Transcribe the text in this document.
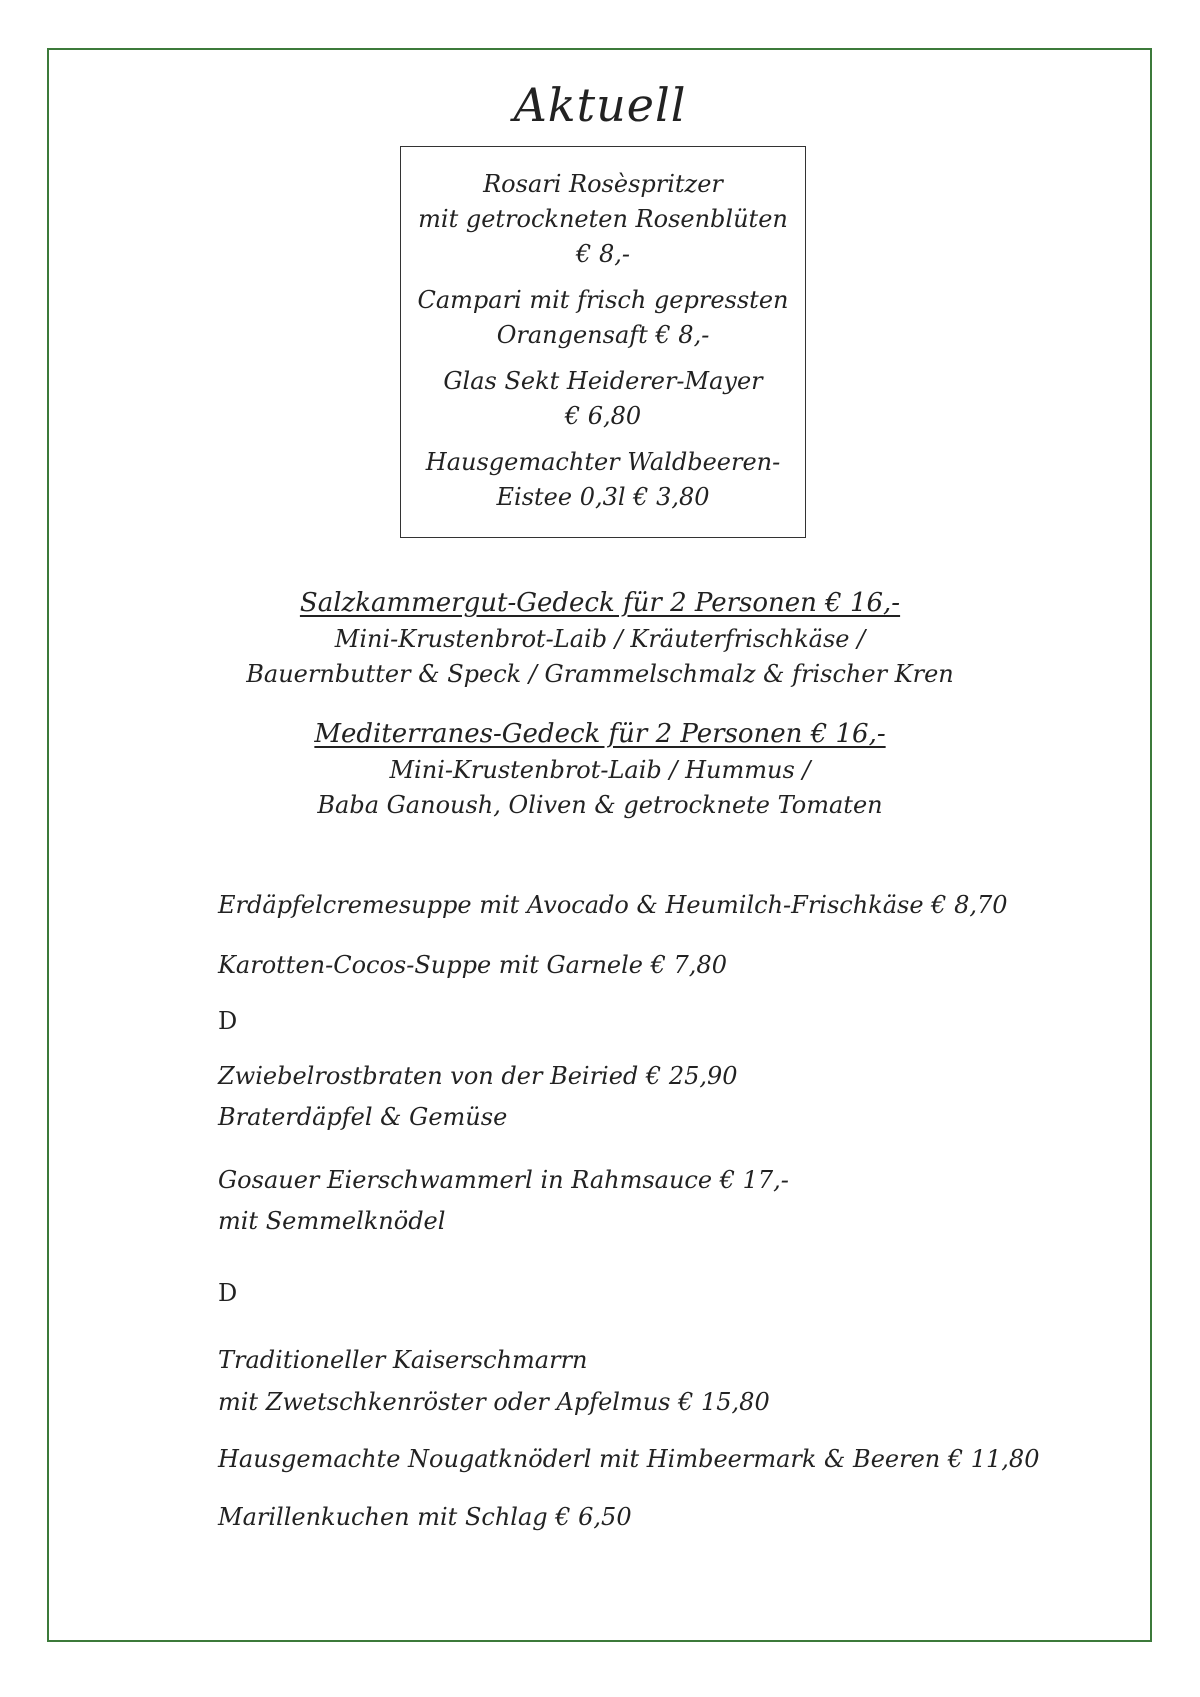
Aktuell
Rosari Rosèspritzer
mit getrockneten Rosenblüten
€ 8,-
Campari mit frisch gepressten
Orangensaft € 8,-
Glas Sekt Heiderer-Mayer
€ 6,80
Hausgemachter Waldbeeren-
Eistee 0,3l € 3,80
Salzkammergut-Gedeck für 2 Personen € 16,-
Mini-Krustenbrot-Laib / Kräuterfrischkäse /
Bauernbutter & Speck / Grammelschmalz & frischer Kren
Mediterranes-Gedeck für 2 Personen € 16,-
Mini-Krustenbrot-Laib / Hummus /
Baba Ganoush, Oliven & getrocknete Tomaten
Erdäpfelcremesuppe mit Avocado & Heumilch-Frischkäse € 8,70
Karotten-Cocos-Suppe mit Garnele € 7,80
D
Zwiebelrostbraten von der Beiried € 25,90
Braterdäpfel & Gemüse
Gosauer Eierschwammerl in Rahmsauce € 17,-
mit Semmelknödel
D
Traditioneller Kaiserschmarrn
mit Zwetschkenröster oder Apfelmus € 15,80
Hausgemachte Nougatknöderl mit Himbeermark & Beeren € 11,80
Marillenkuchen mit Schlag € 6,50
